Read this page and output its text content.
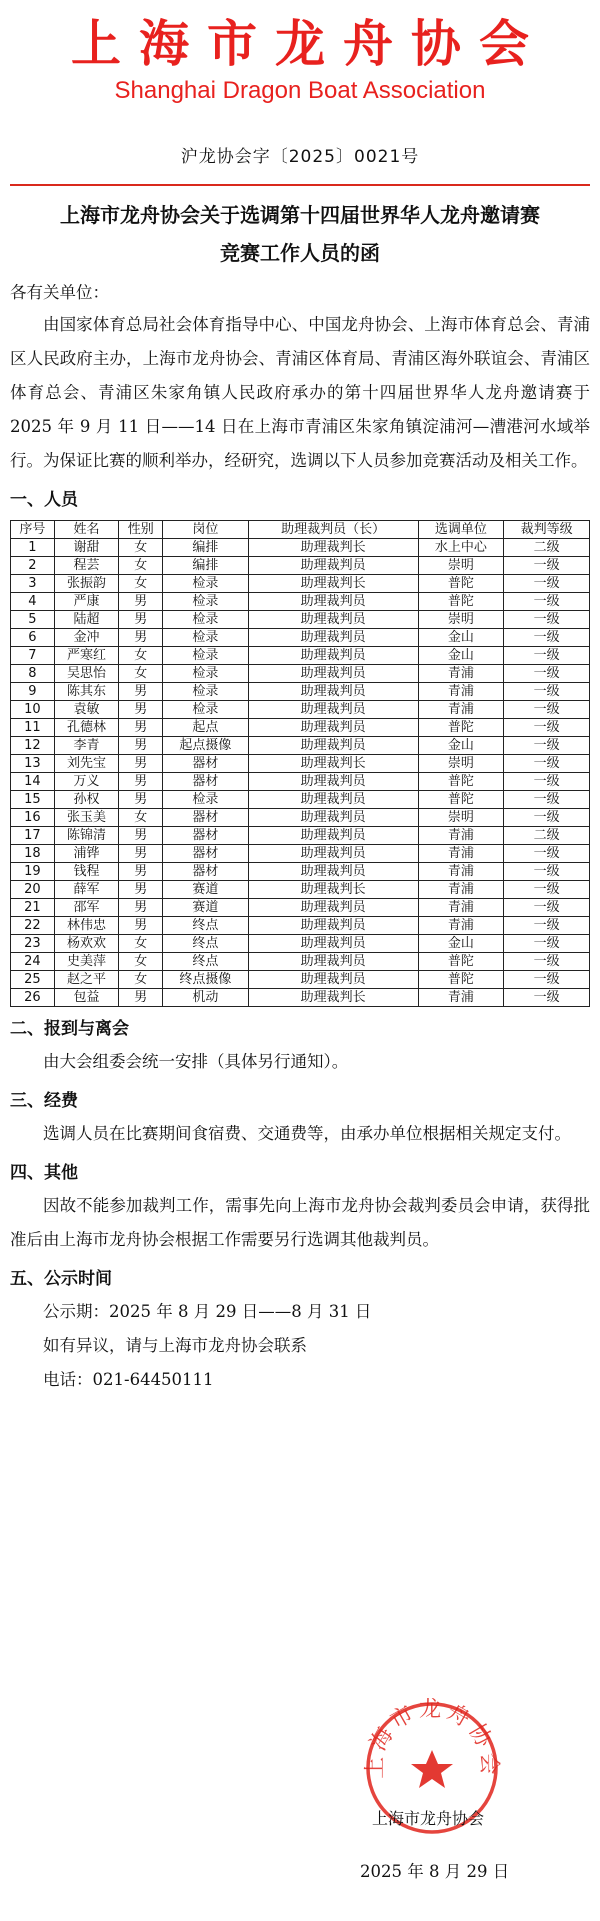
上海市龙舟协会
Shanghai Dragon Boat Association
沪龙协会字〔2025〕0021号
上海市龙舟协会关于选调第十四届世界华人龙舟邀请赛
竞赛工作人员的函
各有关单位：
由国家体育总局社会体育指导中心、中国龙舟协会、上海市体育总会、青浦区人民政府主办，上海市龙舟协会、青浦区体育局、青浦区海外联谊会、青浦区体育总会、青浦区朱家角镇人民政府承办的第十四届世界华人龙舟邀请赛于 2025 年 9 月 11 日——14 日在上海市青浦区朱家角镇淀浦河—漕港河水域举行。为保证比赛的顺利举办，经研究，选调以下人员参加竞赛活动及相关工作。
一、人员
序号	姓名	性别	岗位	助理裁判员（长）	选调单位	裁判等级
1	谢甜	女	编排	助理裁判长	水上中心	二级
2	程芸	女	编排	助理裁判员	崇明	一级
3	张振韵	女	检录	助理裁判长	普陀	一级
4	严康	男	检录	助理裁判员	普陀	一级
5	陆超	男	检录	助理裁判员	崇明	一级
6	金冲	男	检录	助理裁判员	金山	一级
7	严寒红	女	检录	助理裁判员	金山	一级
8	吴思怡	女	检录	助理裁判员	青浦	一级
9	陈其东	男	检录	助理裁判员	青浦	一级
10	袁敏	男	检录	助理裁判员	青浦	一级
11	孔德林	男	起点	助理裁判员	普陀	一级
12	李青	男	起点摄像	助理裁判员	金山	一级
13	刘先宝	男	器材	助理裁判长	崇明	一级
14	万义	男	器材	助理裁判员	普陀	一级
15	孙权	男	检录	助理裁判员	普陀	一级
16	张玉美	女	器材	助理裁判员	崇明	一级
17	陈锦清	男	器材	助理裁判员	青浦	二级
18	浦铧	男	器材	助理裁判员	青浦	一级
19	钱程	男	器材	助理裁判员	青浦	一级
20	薛军	男	赛道	助理裁判长	青浦	一级
21	邵军	男	赛道	助理裁判员	青浦	一级
22	林伟忠	男	终点	助理裁判员	青浦	一级
23	杨欢欢	女	终点	助理裁判员	金山	一级
24	史美萍	女	终点	助理裁判员	普陀	一级
25	赵之平	女	终点摄像	助理裁判员	普陀	一级
26	包益	男	机动	助理裁判长	青浦	一级
二、报到与离会
由大会组委会统一安排（具体另行通知）。
三、经费
选调人员在比赛期间食宿费、交通费等，由承办单位根据相关规定支付。
四、其他
因故不能参加裁判工作，需事先向上海市龙舟协会裁判委员会申请，获得批准后由上海市龙舟协会根据工作需要另行选调其他裁判员。
五、公示时间
公示期：2025 年 8 月 29 日——8 月 31 日
如有异议，请与上海市龙舟协会联系
电话：021-64450111
上海市龙舟协会
上海市龙舟协会
2025 年 8 月 29 日
